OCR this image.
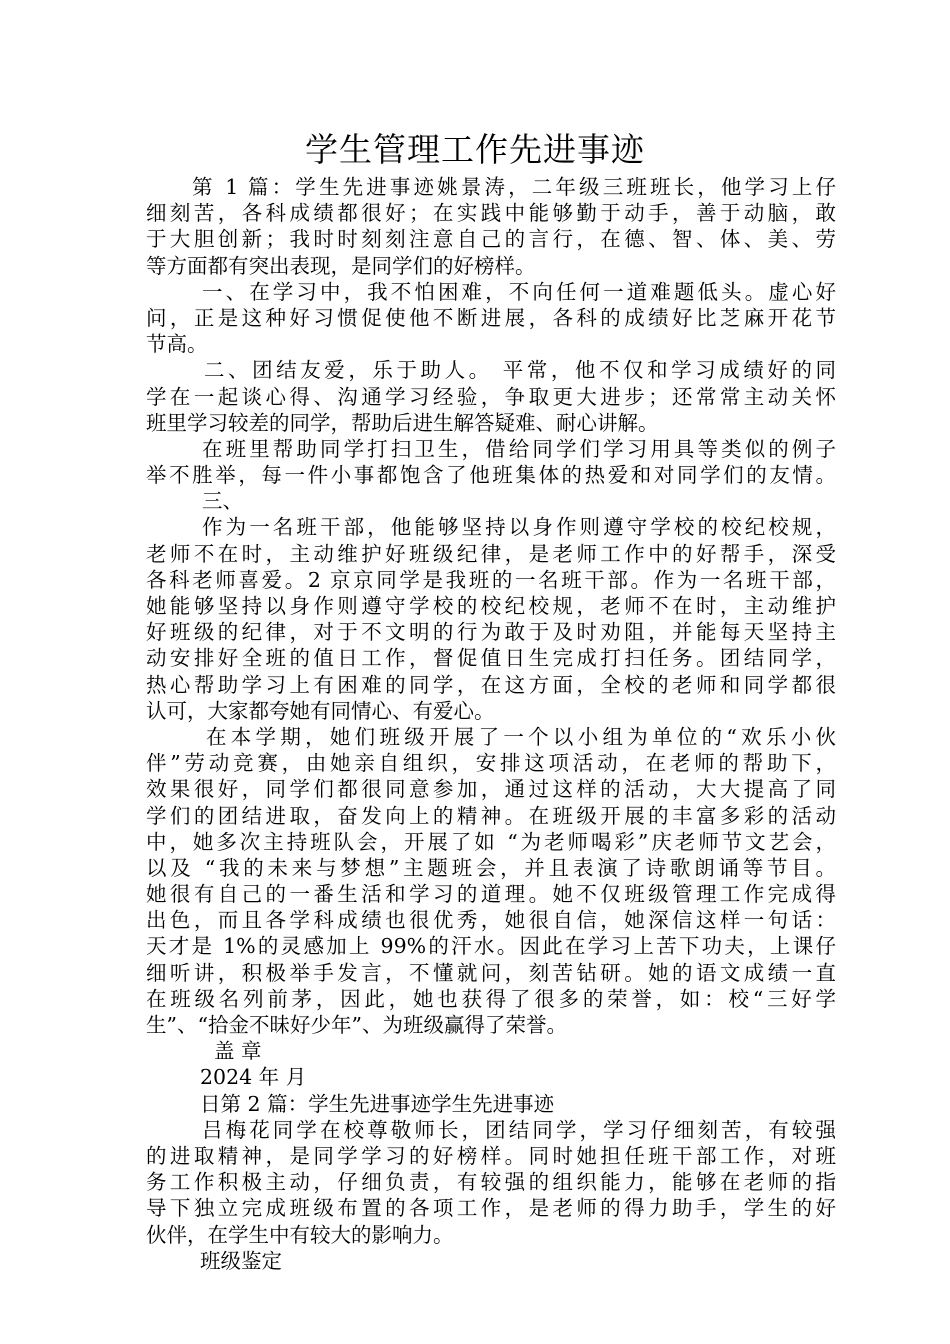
学生管理工作先进事迹
第 1 篇：学生先进事迹姚景涛，二年级三班班长，他学习上仔
细刻苦，各科成绩都很好；在实践中能够勤于动手，善于动脑，敢
于大胆创新；我时时刻刻注意自己的言行，在德、智、体、美、劳
等方面都有突出表现，是同学们的好榜样。
一、在学习中，我不怕困难，不向任何一道难题低头。虚心好
问，正是这种好习惯促使他不断进展，各科的成绩好比芝麻开花节
节高。
二、团结友爱，乐于助人。 平常，他不仅和学习成绩好的同
学在一起谈心得、沟通学习经验，争取更大进步；还常常主动关怀
班里学习较差的同学，帮助后进生解答疑难、耐心讲解。
在班里帮助同学打扫卫生，借给同学们学习用具等类似的例子
举不胜举，每一件小事都饱含了他班集体的热爱和对同学们的友情。
三、
作为一名班干部，他能够坚持以身作则遵守学校的校纪校规，
老师不在时，主动维护好班级纪律，是老师工作中的好帮手，深受
各科老师喜爱。2 京京同学是我班的一名班干部。作为一名班干部，
她能够坚持以身作则遵守学校的校纪校规，老师不在时，主动维护
好班级的纪律，对于不文明的行为敢于及时劝阻，并能每天坚持主
动安排好全班的值日工作，督促值日生完成打扫任务。团结同学，
热心帮助学习上有困难的同学，在这方面，全校的老师和同学都很
认可，大家都夸她有同情心、有爱心。
在本学期，她们班级开展了一个以小组为单位的“欢乐小伙
伴”劳动竞赛，由她亲自组织，安排这项活动，在老师的帮助下，
效果很好，同学们都很同意参加，通过这样的活动，大大提高了同
学们的团结进取，奋发向上的精神。在班级开展的丰富多彩的活动
中，她多次主持班队会，开展了如 “为老师喝彩”庆老师节文艺会，
以及 “我的未来与梦想”主题班会，并且表演了诗歌朗诵等节目。
她很有自己的一番生活和学习的道理。她不仅班级管理工作完成得
出色，而且各学科成绩也很优秀，她很自信，她深信这样一句话：
天才是 1%的灵感加上 99%的汗水。因此在学习上苦下功夫，上课仔
细听讲，积极举手发言，不懂就问，刻苦钻研。她的语文成绩一直
在班级名列前茅，因此，她也获得了很多的荣誉，如：校“三好学
生”、“拾金不昧好少年”、为班级赢得了荣誉。
盖 章
2024 年 月
日第 2 篇：学生先进事迹学生先进事迹
吕梅花同学在校尊敬师长，团结同学，学习仔细刻苦，有较强
的进取精神，是同学学习的好榜样。同时她担任班干部工作，对班
务工作积极主动，仔细负责，有较强的组织能力，能够在老师的指
导下独立完成班级布置的各项工作，是老师的得力助手，学生的好
伙伴，在学生中有较大的影响力。
班级鉴定
